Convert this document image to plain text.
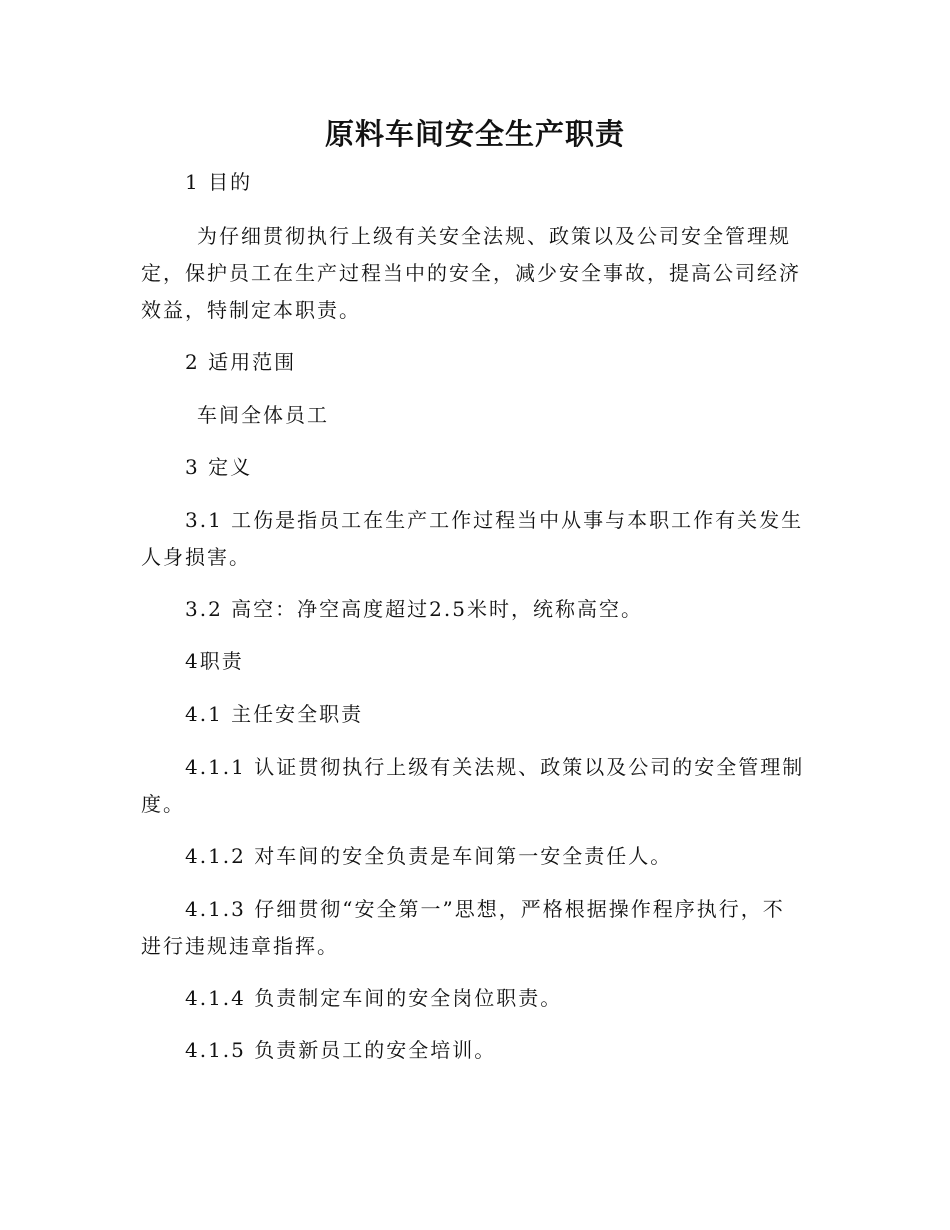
原料车间安全生产职责

1 目的

为仔细贯彻执行上级有关安全法规、政策以及公司安全管理规

定，保护员工在生产过程当中的安全，减少安全事故，提高公司经济

效益，特制定本职责。

2 适用范围

车间全体员工

3 定义

3.1 工伤是指员工在生产工作过程当中从事与本职工作有关发生

人身损害。

3.2 高空：净空高度超过2.5米时，统称高空。

4职责

4.1 主任安全职责

4.1.1 认证贯彻执行上级有关法规、政策以及公司的安全管理制

度。

4.1.2 对车间的安全负责是车间第一安全责任人。

4.1.3 仔细贯彻“安全第一”思想，严格根据操作程序执行，不

进行违规违章指挥。

4.1.4 负责制定车间的安全岗位职责。

4.1.5 负责新员工的安全培训。
